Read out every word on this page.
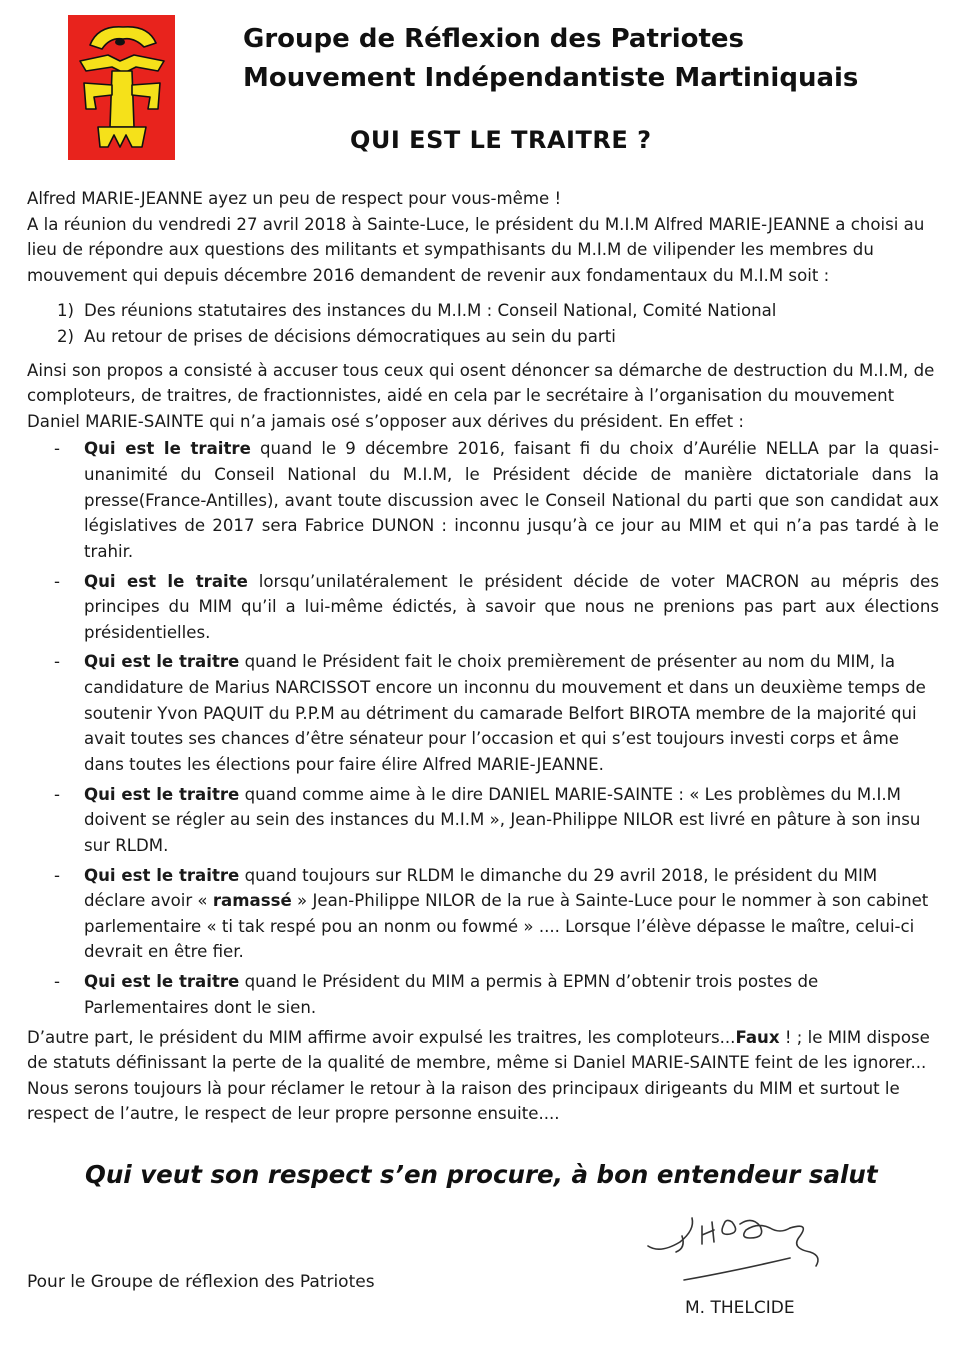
Groupe de Réflexion des Patriotes
Mouvement Indépendantiste Martiniquais
QUI EST LE TRAITRE ?

Alfred MARIE-JEANNE ayez un peu de respect pour vous-même !

A la réunion du vendredi 27 avril 2018 à Sainte-Luce, le président du M.I.M Alfred MARIE-JEANNE a choisi au lieu de répondre aux questions des militants et sympathisants du M.I.M de vilipender les membres du mouvement qui depuis décembre 2016 demandent de revenir aux fondamentaux du M.I.M soit :

1) Des réunions statutaires des instances du M.I.M : Conseil National, Comité National
2) Au retour de prises de décisions démocratiques au sein du parti

Ainsi son propos a consisté à accuser tous ceux qui osent dénoncer sa démarche de destruction du M.I.M, de comploteurs, de traitres, de fractionnistes, aidé en cela par le secrétaire à l’organisation du mouvement Daniel MARIE-SAINTE qui n’a jamais osé s’opposer aux dérives du président. En effet :

-	Qui est le traitre quand le 9 décembre 2016, faisant fi du choix d’Aurélie NELLA par la quasi-unanimité du Conseil National du M.I.M, le Président décide de manière dictatoriale dans la presse(France-Antilles), avant toute discussion avec le Conseil National du parti que son candidat aux législatives de 2017 sera Fabrice DUNON : inconnu jusqu’à ce jour au MIM et qui n’a pas tardé à le trahir.
-	Qui est le traite lorsqu’unilatéralement le président décide de voter MACRON au mépris des principes du MIM qu’il a lui-même édictés, à savoir que nous ne prenions pas part aux élections présidentielles.
-	Qui est le traitre quand le Président fait le choix premièrement de présenter au nom du MIM, la candidature de Marius NARCISSOT encore un inconnu du mouvement et dans un deuxième temps de soutenir Yvon PAQUIT du P.P.M au détriment du camarade Belfort BIROTA membre de la majorité qui avait toutes ses chances d’être sénateur pour l’occasion et qui s’est toujours investi corps et âme dans toutes les élections pour faire élire Alfred MARIE-JEANNE.
-	Qui est le traitre quand comme aime à le dire DANIEL MARIE-SAINTE : « Les problèmes du M.I.M doivent se régler au sein des instances du M.I.M », Jean-Philippe NILOR est livré en pâture à son insu sur RLDM.
-	Qui est le traitre quand toujours sur RLDM le dimanche du 29 avril 2018, le président du MIM déclare avoir « ramassé » Jean-Philippe NILOR de la rue à Sainte-Luce pour le nommer à son cabinet parlementaire « ti tak respé pou an nonm ou fowmé » .... Lorsque l’élève dépasse le maître, celui-ci devrait en être fier.
-	Qui est le traitre quand le Président du MIM a permis à EPMN d’obtenir trois postes de Parlementaires dont le sien.

D’autre part, le président du MIM affirme avoir expulsé les traitres, les comploteurs...Faux ! ; le MIM dispose de statuts définissant la perte de la qualité de membre, même si Daniel MARIE-SAINTE feint de les ignorer...

Nous serons toujours là pour réclamer le retour à la raison des principaux dirigeants du MIM et surtout le respect de l’autre, le respect de leur propre personne ensuite....

Qui veut son respect s’en procure, à bon entendeur salut
Pour le Groupe de réflexion des Patriotes
M. THELCIDE
